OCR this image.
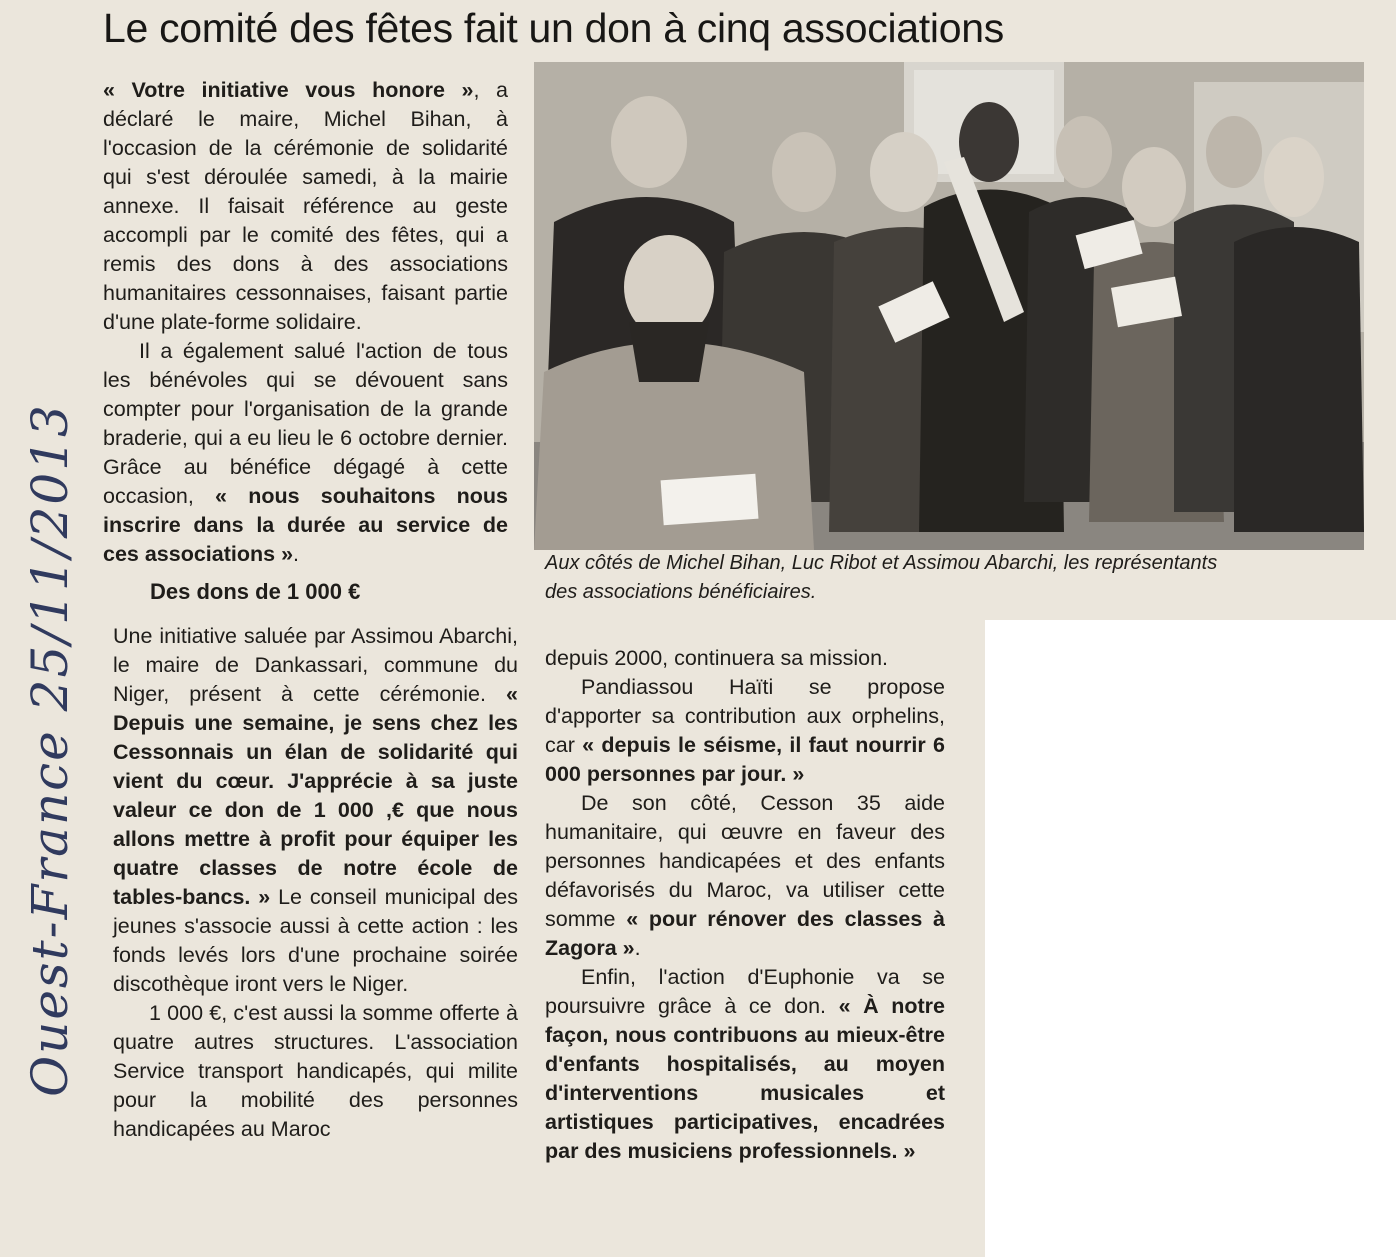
Le comité des fêtes fait un don à cinq associations
Ouest-France 25/11/2013

« Votre initiative vous honore », a déclaré le maire, Michel Bihan, à l'occasion de la cérémonie de solidarité qui s'est déroulée samedi, à la mairie annexe. Il faisait référence au geste accompli par le comité des fêtes, qui a remis des dons à des associations humanitaires cessonnaises, faisant partie d'une plate-forme solidaire.

Il a également salué l'action de tous les bénévoles qui se dévouent sans compter pour l'organisation de la grande braderie, qui a eu lieu le 6 octobre dernier. Grâce au bénéfice dégagé à cette occasion, « nous souhaitons nous inscrire dans la durée au service de ces associations ».

Des dons de 1 000 €

Une initiative saluée par Assimou Abarchi, le maire de Dankassari, commune du Niger, présent à cette cérémonie. « Depuis une semaine, je sens chez les Cessonnais un élan de solidarité qui vient du cœur. J'apprécie à sa juste valeur ce don de 1 000 ,€ que nous allons mettre à profit pour équiper les quatre classes de notre école de tables-bancs. » Le conseil municipal des jeunes s'associe aussi à cette action : les fonds levés lors d'une prochaine soirée discothèque iront vers le Niger.

1 000 €, c'est aussi la somme offerte à quatre autres structures. L'association Service transport handicapés, qui milite pour la mobilité des personnes handicapées au Maroc

Aux côtés de Michel Bihan, Luc Ribot et Assimou Abarchi, les représentants
des associations bénéficiaires.

depuis 2000, continuera sa mission.

Pandiassou Haïti se propose d'apporter sa contribution aux orphelins, car « depuis le séisme, il faut nourrir 6 000 personnes par jour. »

De son côté, Cesson 35 aide humanitaire, qui œuvre en faveur des personnes handicapées et des enfants défavorisés du Maroc, va utiliser cette somme « pour rénover des classes à Zagora ».

Enfin, l'action d'Euphonie va se poursuivre grâce à ce don. « À notre façon, nous contribuons au mieux-être d'enfants hospitalisés, au moyen d'interventions musicales et artistiques participatives, encadrées par des musiciens professionnels. »
